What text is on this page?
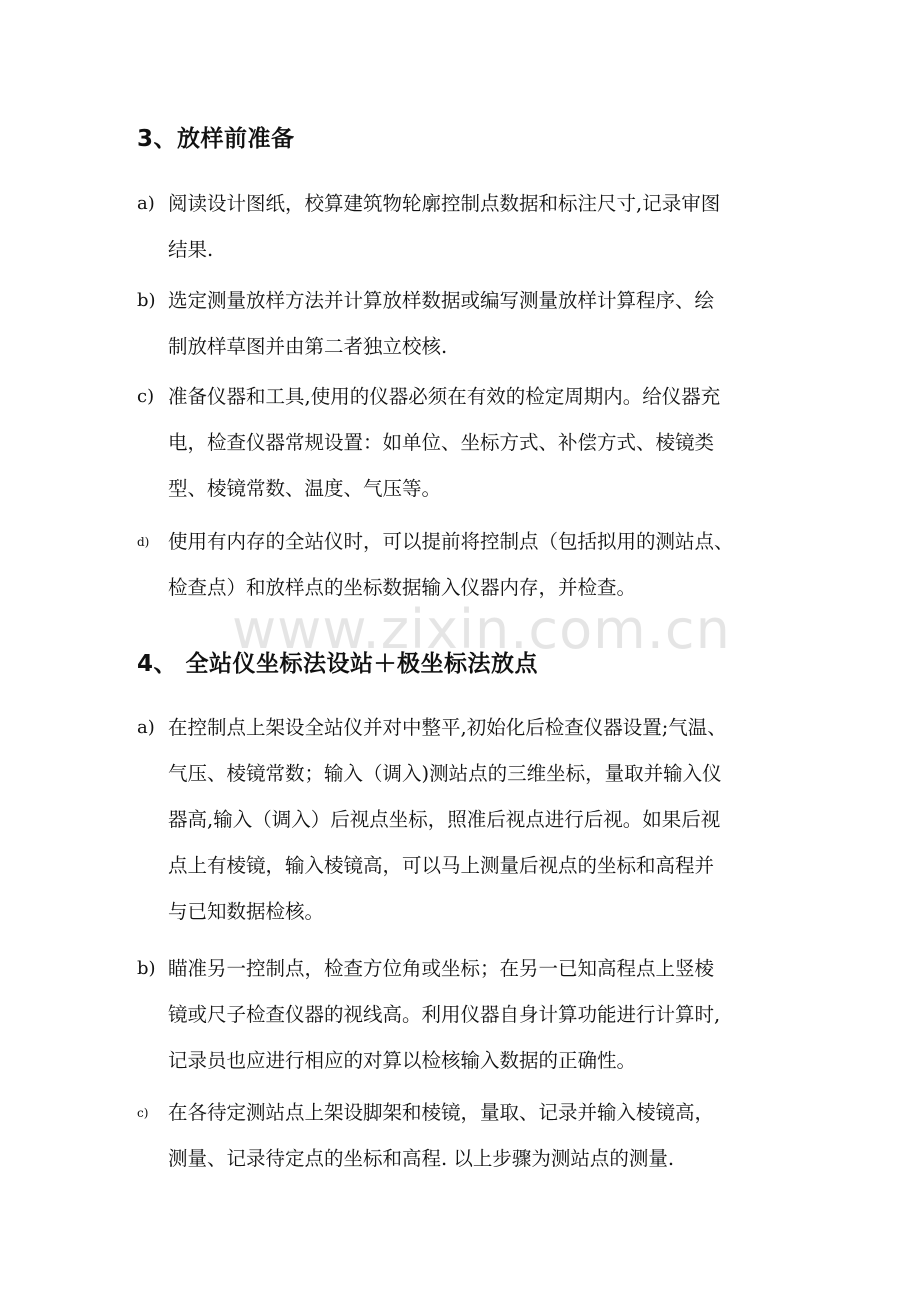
www.zixin.com.cn
3、放样前准备
a) 阅读设计图纸，校算建筑物轮廓控制点数据和标注尺寸,记录审图
结果.
b) 选定测量放样方法并计算放样数据或编写测量放样计算程序、绘
制放样草图并由第二者独立校核.
c) 准备仪器和工具,使用的仪器必须在有效的检定周期内。给仪器充
电，检查仪器常规设置：如单位、坐标方式、补偿方式、棱镜类
型、棱镜常数、温度、气压等。
d) 使用有内存的全站仪时，可以提前将控制点（包括拟用的测站点、
检查点）和放样点的坐标数据输入仪器内存，并检查。
4、 全站仪坐标法设站＋极坐标法放点
a) 在控制点上架设全站仪并对中整平,初始化后检查仪器设置;气温、
气压、棱镜常数；输入（调入)测站点的三维坐标，量取并输入仪
器高,输入（调入）后视点坐标，照准后视点进行后视。如果后视
点上有棱镜，输入棱镜高，可以马上测量后视点的坐标和高程并
与已知数据检核。
b) 瞄准另一控制点，检查方位角或坐标；在另一已知高程点上竖棱
镜或尺子检查仪器的视线高。利用仪器自身计算功能进行计算时,
记录员也应进行相应的对算以检核输入数据的正确性。
c)	在各待定测站点上架设脚架和棱镜，量取、记录并输入棱镜高，
测量、记录待定点的坐标和高程. 以上步骤为测站点的测量.
